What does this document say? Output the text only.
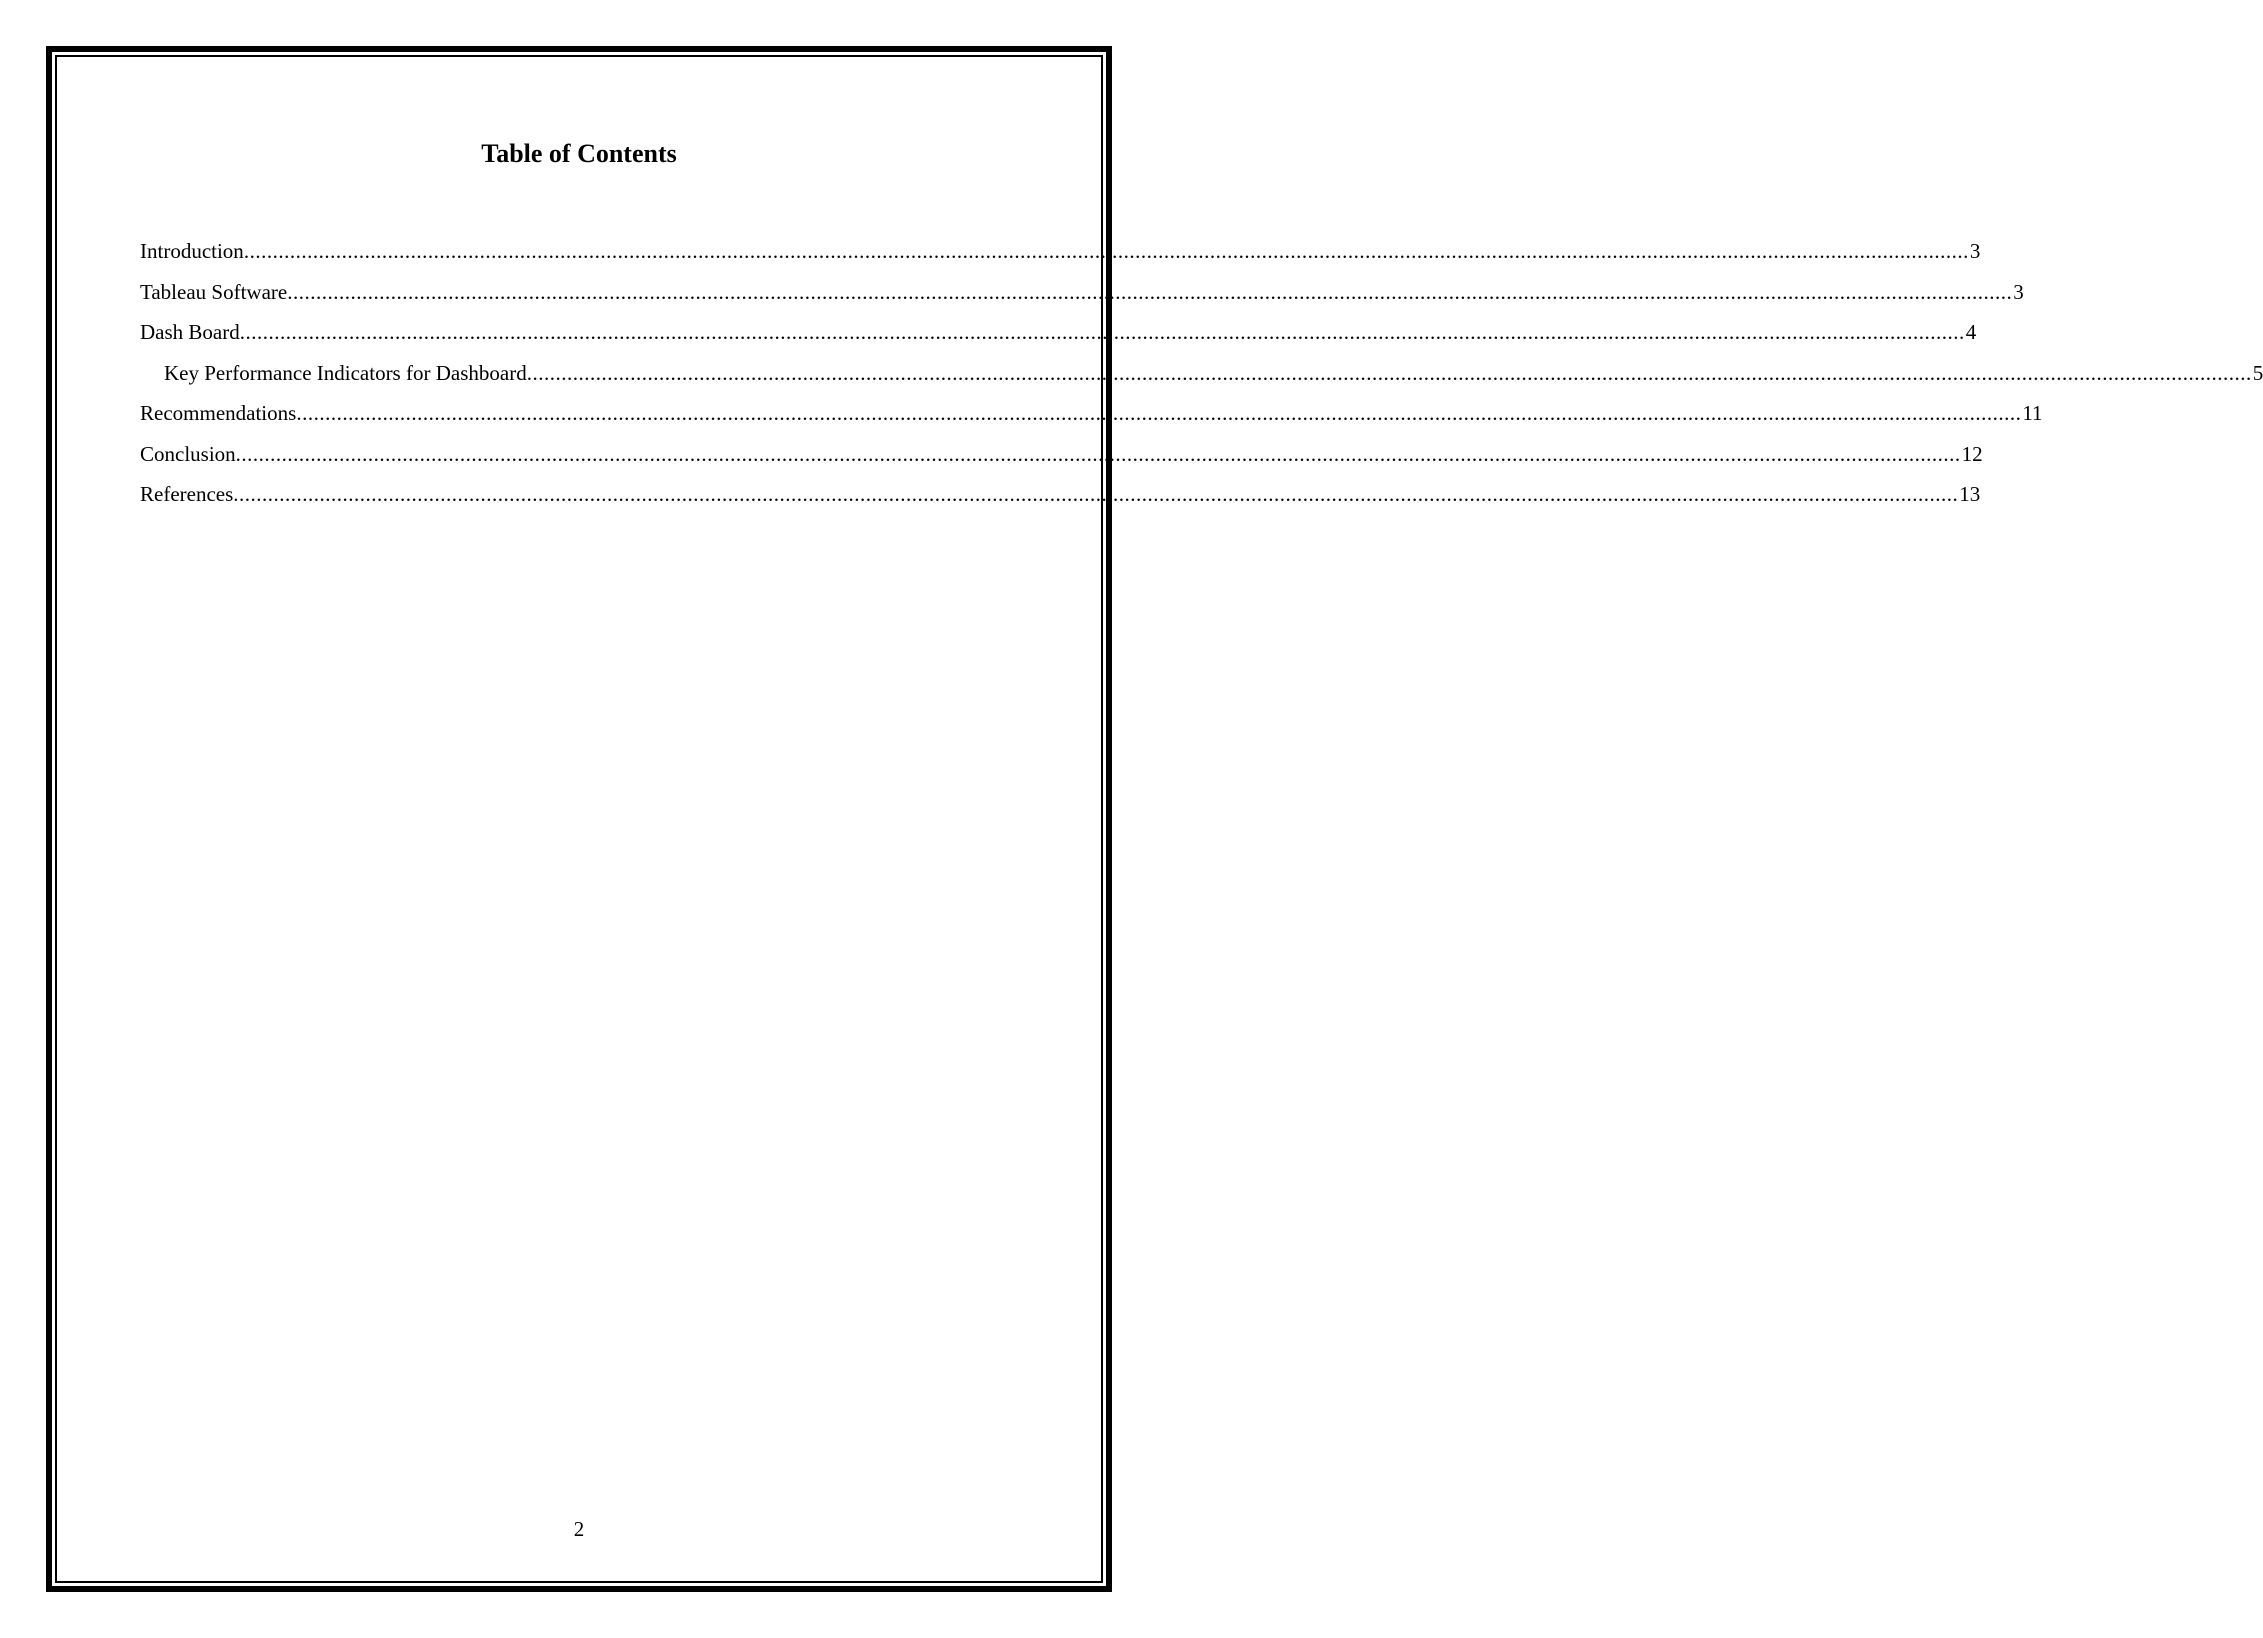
Table of Contents
Introduction ............................................................................................................................................................................................................................................................................................................ 3
Tableau Software ............................................................................................................................................................................................................................................................................................................ 3
Dash Board ............................................................................................................................................................................................................................................................................................................ 4
Key Performance Indicators for Dashboard ............................................................................................................................................................................................................................................................................................................ 5
Recommendations ............................................................................................................................................................................................................................................................................................................ 11
Conclusion ............................................................................................................................................................................................................................................................................................................ 12
References ............................................................................................................................................................................................................................................................................................................ 13
2
